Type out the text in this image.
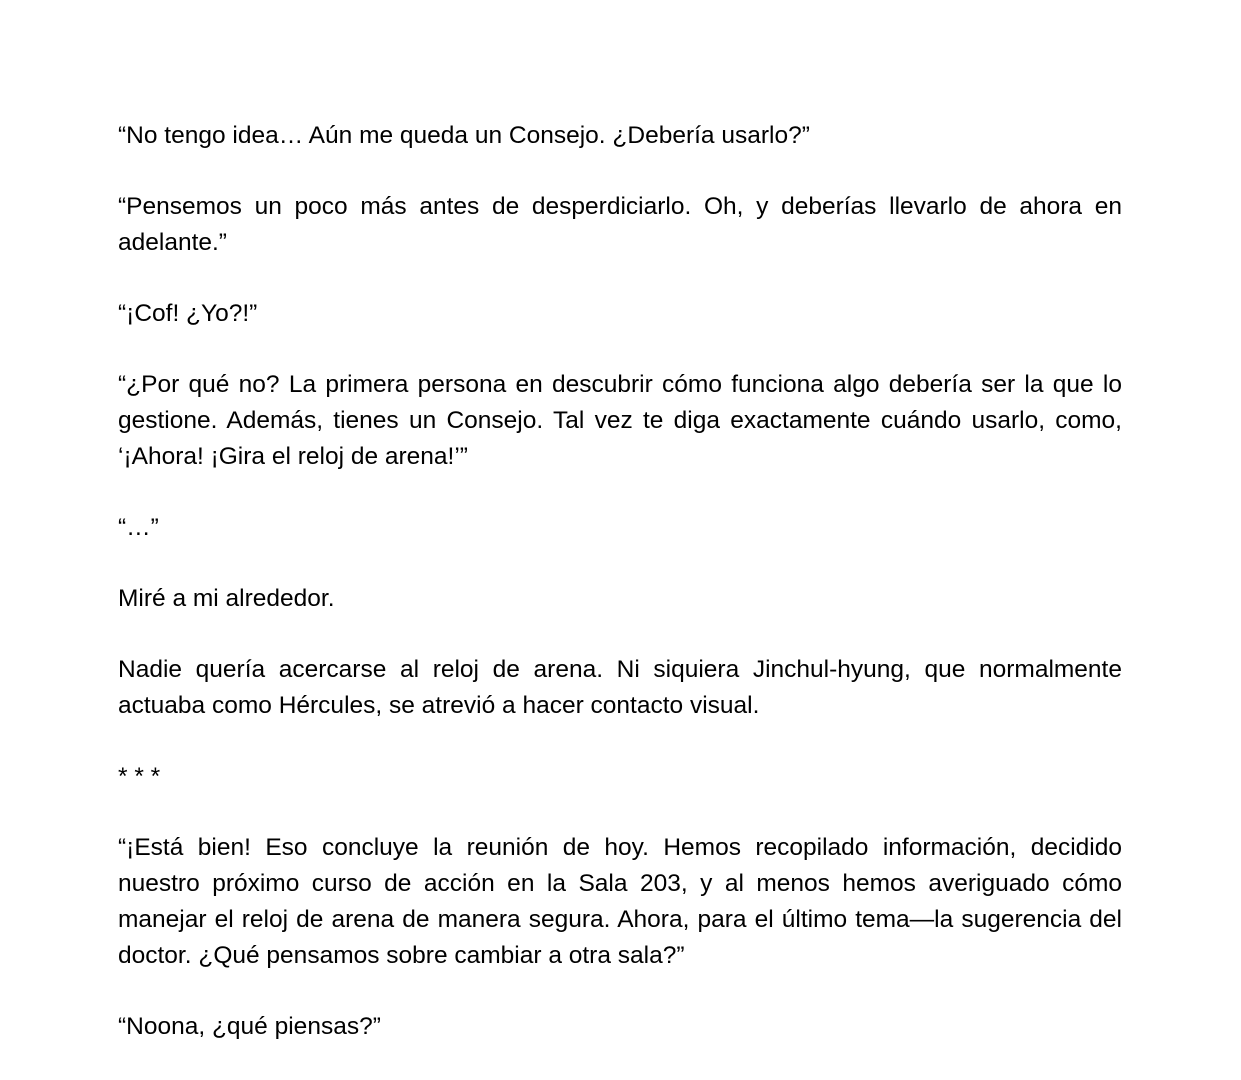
“No tengo idea… Aún me queda un Consejo. ¿Debería usarlo?”

“Pensemos un poco más antes de desperdiciarlo. Oh, y deberías llevarlo de ahora en adelante.”

“¡Cof! ¿Yo?!”

“¿Por qué no? La primera persona en descubrir cómo funciona algo debería ser la que lo gestione. Además, tienes un Consejo. Tal vez te diga exactamente cuándo usarlo, como, ‘¡Ahora! ¡Gira el reloj de arena!’”

“…”

Miré a mi alrededor.

Nadie quería acercarse al reloj de arena. Ni siquiera Jinchul-hyung, que normalmente actuaba como Hércules, se atrevió a hacer contacto visual.

* * *

“¡Está bien! Eso concluye la reunión de hoy. Hemos recopilado información, decidido nuestro próximo curso de acción en la Sala 203, y al menos hemos averiguado cómo manejar el reloj de arena de manera segura. Ahora, para el último tema—la sugerencia del doctor. ¿Qué pensamos sobre cambiar a otra sala?”

“Noona, ¿qué piensas?”
